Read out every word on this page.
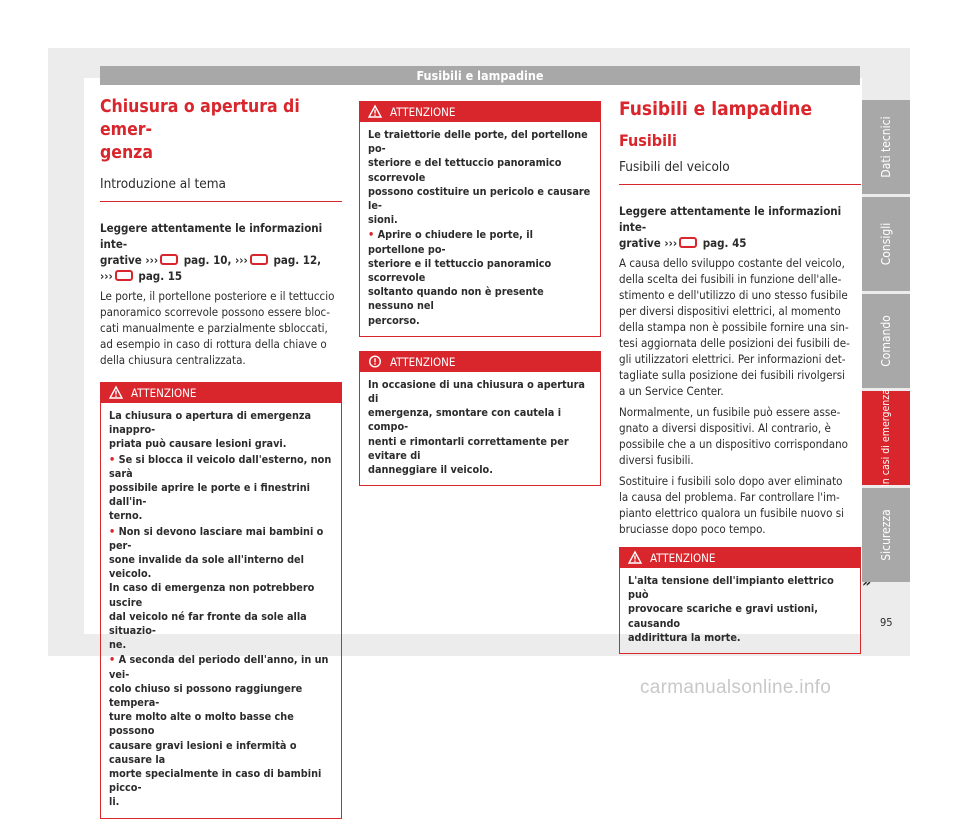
Fusibili e lampadine
Chiusura o apertura di emer-
genza
Introduzione al tema
Leggere attentamente le informazioni inte-
grative ››› pag. 10, ››› pag. 12,
››› pag. 15
Le porte, il portellone posteriore e il tettuccio
panoramico scorrevole possono essere bloc-
cati manualmente e parzialmente sbloccati,
ad esempio in caso di rottura della chiave o
della chiusura centralizzata.
ATTENZIONE
La chiusura o apertura di emergenza inappro-
priata può causare lesioni gravi.
• Se si blocca il veicolo dall'esterno, non sarà
possibile aprire le porte e i finestrini dall'in-
terno.
• Non si devono lasciare mai bambini o per-
sone invalide da sole all'interno del veicolo.
In caso di emergenza non potrebbero uscire
dal veicolo né far fronte da sole alla situazio-
ne.
• A seconda del periodo dell'anno, in un vei-
colo chiuso si possono raggiungere tempera-
ture molto alte o molto basse che possono
causare gravi lesioni e infermità o causare la
morte specialmente in caso di bambini picco-
li.
ATTENZIONE
Le traiettorie delle porte, del portellone po-
steriore e del tettuccio panoramico scorrevole
possono costituire un pericolo e causare le-
sioni.
• Aprire o chiudere le porte, il portellone po-
steriore e il tettuccio panoramico scorrevole
soltanto quando non è presente nessuno nel
percorso.
ATTENZIONE
In occasione di una chiusura o apertura di
emergenza, smontare con cautela i compo-
nenti e rimontarli correttamente per evitare di
danneggiare il veicolo.
Fusibili e lampadine
Fusibili
Fusibili del veicolo
Leggere attentamente le informazioni inte-
grative ››› pag. 45

A causa dello sviluppo costante del veicolo,
della scelta dei fusibili in funzione dell'alle-
stimento e dell'utilizzo di uno stesso fusibile
per diversi dispositivi elettrici, al momento
della stampa non è possibile fornire una sin-
tesi aggiornata delle posizioni dei fusibili de-
gli utilizzatori elettrici. Per informazioni det-
tagliate sulla posizione dei fusibili rivolgersi
a un Service Center.

Normalmente, un fusibile può essere asse-
gnato a diversi dispositivi. Al contrario, è
possibile che a un dispositivo corrispondano
diversi fusibili.

Sostituire i fusibili solo dopo aver eliminato
la causa del problema. Far controllare l'im-
pianto elettrico qualora un fusibile nuovo si
bruciasse dopo poco tempo.

ATTENZIONE
L'alta tensione dell'impianto elettrico può
provocare scariche e gravi ustioni, causando
addirittura la morte.
Dati tecnici
Consigli
Comando
In casi di emergenza
Sicurezza
95
carmanualsonline.info
